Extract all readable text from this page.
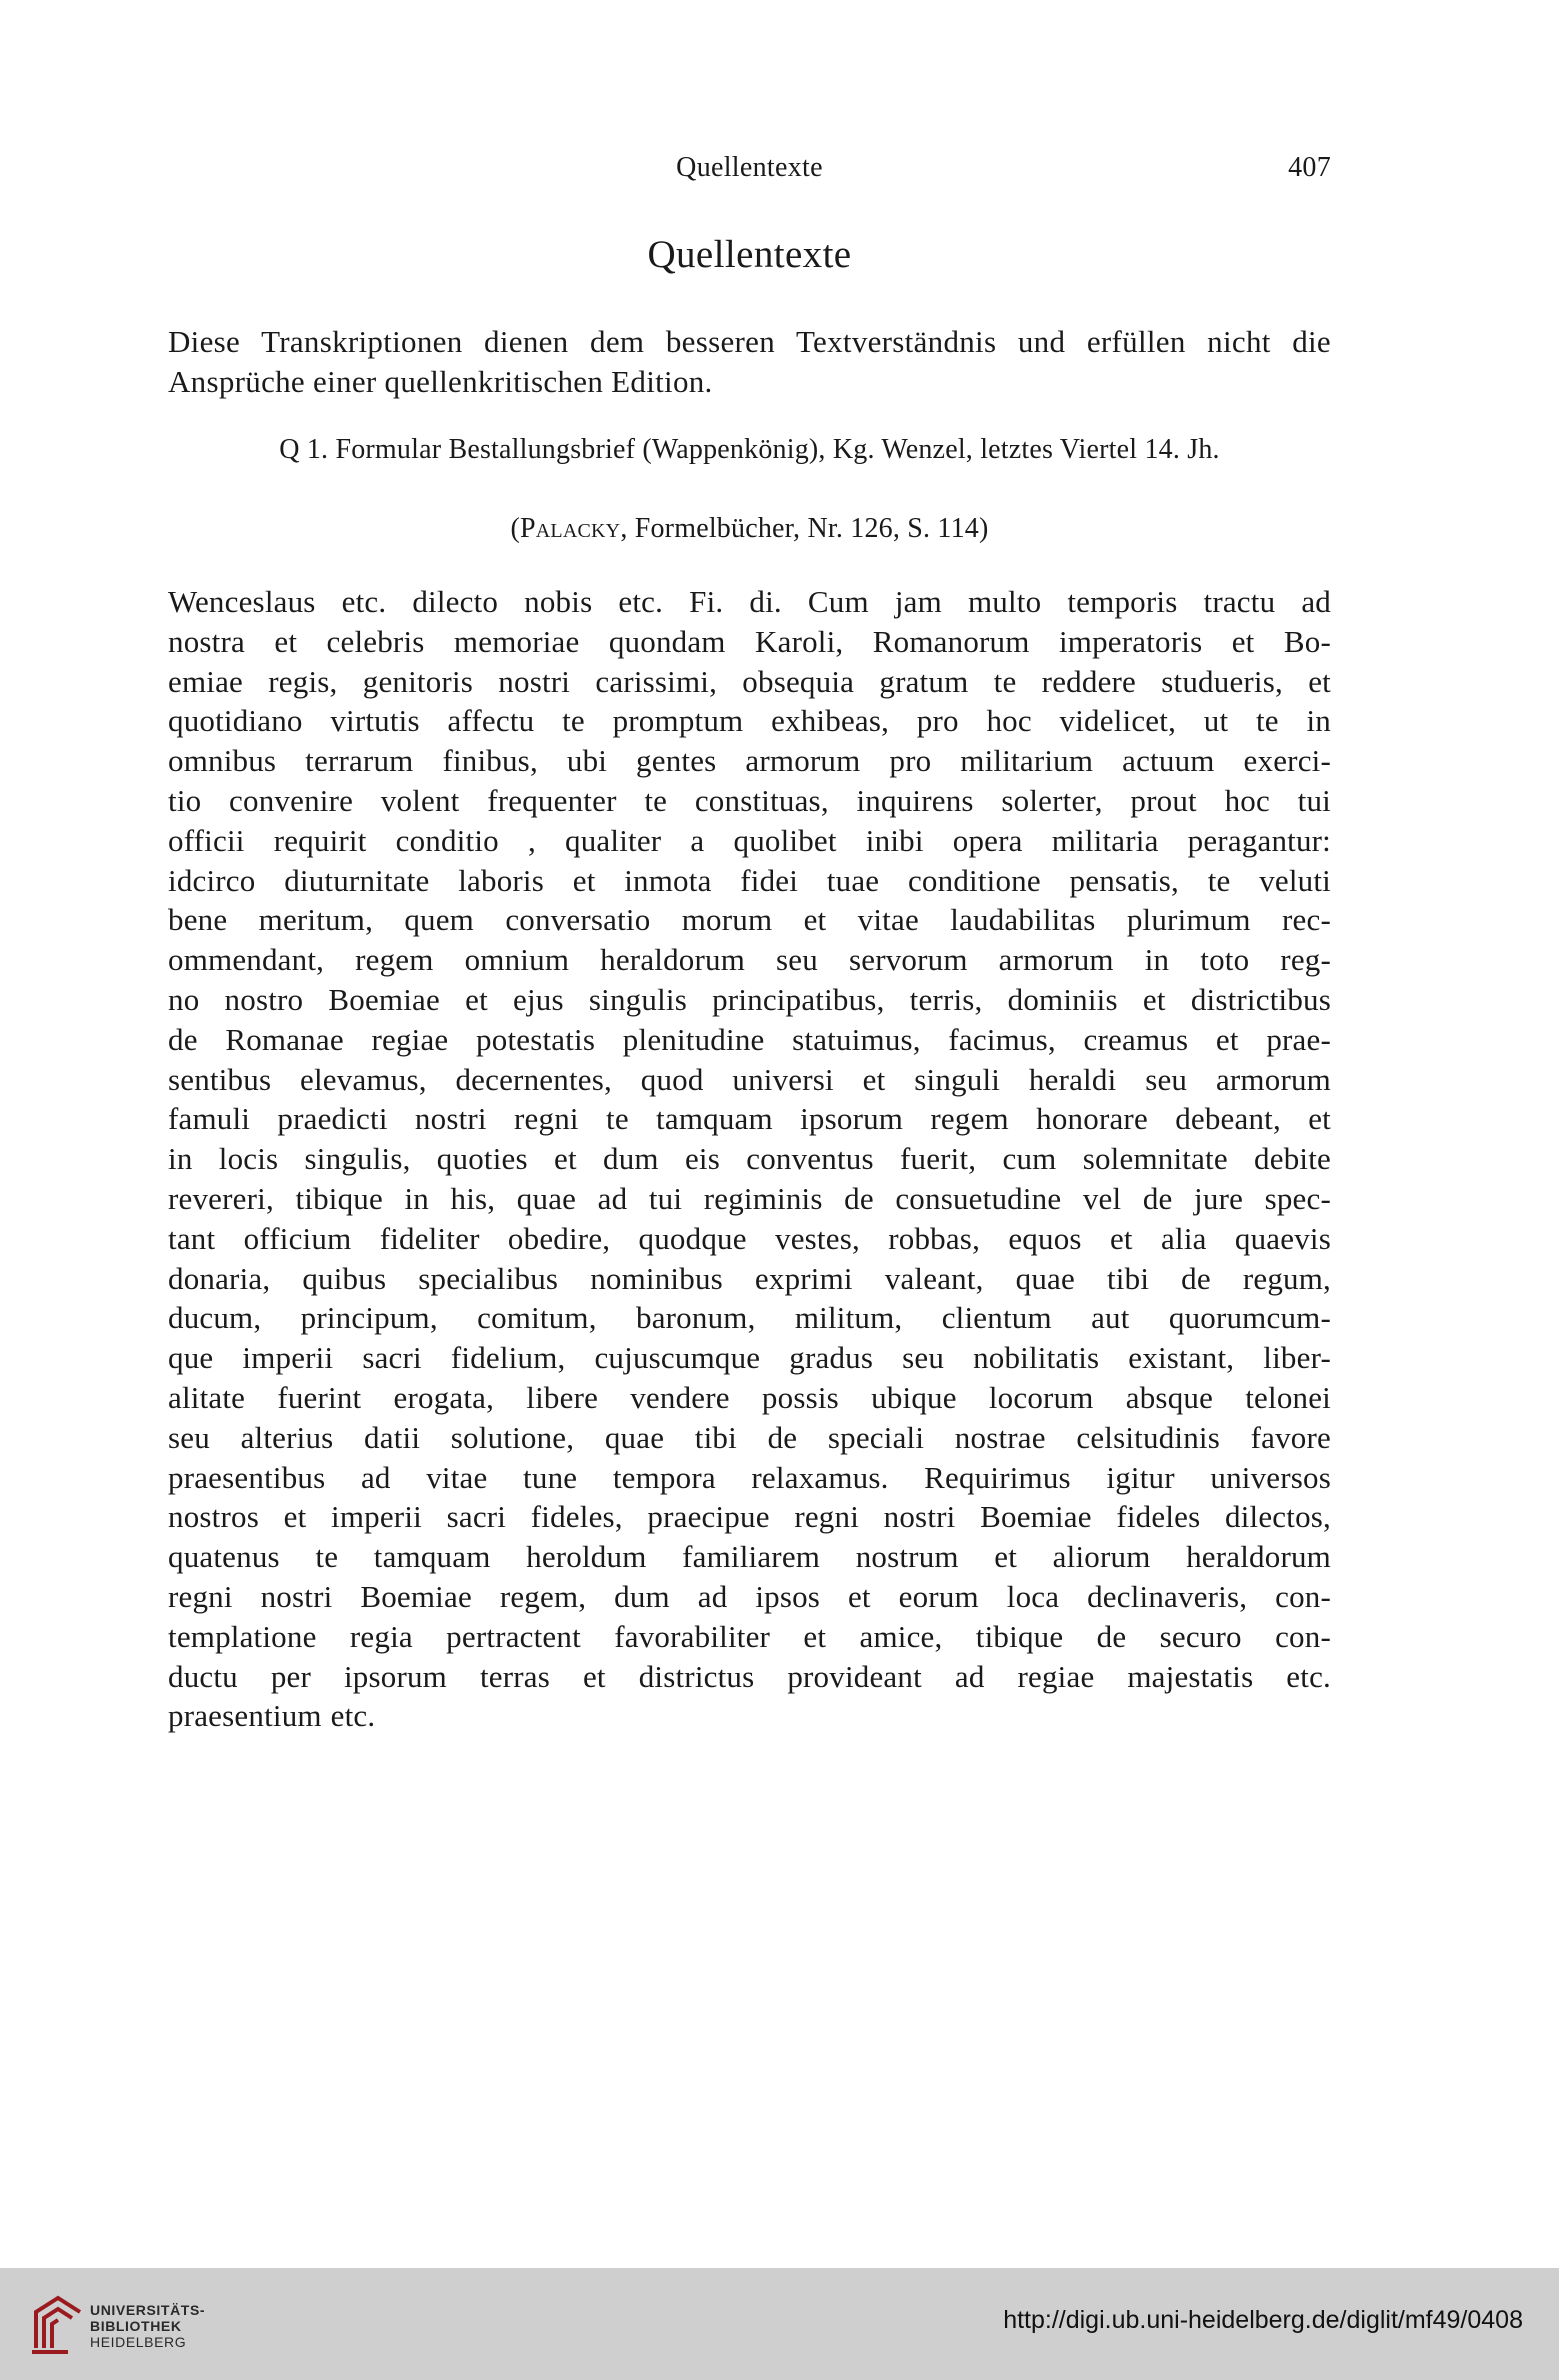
Quellentexte	407
Quellentexte
Diese Transkriptionen dienen dem besseren Textverständnis und erfüllen nicht die Ansprüche einer quellenkritischen Edition.
Q 1. Formular Bestallungsbrief (Wappenkönig), Kg. Wenzel, letztes Viertel 14. Jh.
(Palacky, Formelbücher, Nr. 126, S. 114)
Wenceslaus etc. dilecto nobis etc. Fi. di. Cum jam multo temporis tractu ad
nostra et celebris memoriae quondam Karoli, Romanorum imperatoris et Bo-
emiae regis, genitoris nostri carissimi, obsequia gratum te reddere studueris, et
quotidiano virtutis affectu te promptum exhibeas, pro hoc videlicet, ut te in
omnibus terrarum finibus, ubi gentes armorum pro militarium actuum exerci-
tio convenire volent frequenter te constituas, inquirens solerter, prout hoc tui
officii requirit conditio , qualiter a quolibet inibi opera militaria peragantur:
idcirco diuturnitate laboris et inmota fidei tuae conditione pensatis, te veluti
bene meritum, quem conversatio morum et vitae laudabilitas plurimum rec-
ommendant, regem omnium heraldorum seu servorum armorum in toto reg-
no nostro Boemiae et ejus singulis principatibus, terris, dominiis et districtibus
de Romanae regiae potestatis plenitudine statuimus, facimus, creamus et prae-
sentibus elevamus, decernentes, quod universi et singuli heraldi seu armorum
famuli praedicti nostri regni te tamquam ipsorum regem honorare debeant, et
in locis singulis, quoties et dum eis conventus fuerit, cum solemnitate debite
revereri, tibique in his, quae ad tui regiminis de consuetudine vel de jure spec-
tant officium fideliter obedire, quodque vestes, robbas, equos et alia quaevis
donaria, quibus specialibus nominibus exprimi valeant, quae tibi de regum,
ducum, principum, comitum, baronum, militum, clientum aut quorumcum-
que imperii sacri fidelium, cujuscumque gradus seu nobilitatis existant, liber-
alitate fuerint erogata, libere vendere possis ubique locorum absque telonei
seu alterius datii solutione, quae tibi de speciali nostrae celsitudinis favore
praesentibus ad vitae tune tempora relaxamus. Requirimus igitur universos
nostros et imperii sacri fideles, praecipue regni nostri Boemiae fideles dilectos,
quatenus te tamquam heroldum familiarem nostrum et aliorum heraldorum
regni nostri Boemiae regem, dum ad ipsos et eorum loca declinaveris, con-
templatione regia pertractent favorabiliter et amice, tibique de securo con-
ductu per ipsorum terras et districtus provideant ad regiae majestatis etc.
praesentium etc.
UNIVERSITÄTS-
BIBLIOTHEK
HEIDELBERG
http://digi.ub.uni-heidelberg.de/diglit/mf49/0408
